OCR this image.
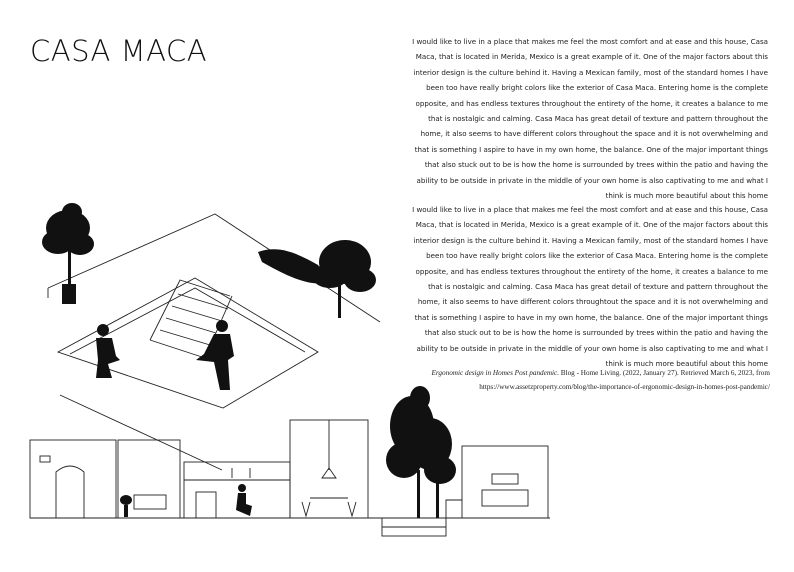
CASA MACA	I would like to live in a place that makes me feel the most comfort and at ease and this house, Casa Maca, that is located in Merida, Mexico is a great example of it. One of the major factors about this interior design is the culture behind it. Having a Mexican family, most of the standard homes I have been too have really bright colors like the exterior of Casa Maca. Entering home is the complete opposite, and has endless textures throughout the entirety of the home, it creates a balance to me that is nostalgic and calming. Casa Maca has great detail of texture and pattern throughout the home, it also seems to have different colors throughout the space and it is not overwhelming and that is something I aspire to have in my own home, the balance. One of the major important things that also stuck out to be is how the home is surrounded by trees within the patio and having the ability to be outside in private in the middle of your own home is also captivating to me and what I think is much more beautiful about this home

I would like to live in a place that makes me feel the most comfort and at ease and this house, Casa Maca, that is located in Merida, Mexico is a great example of it. One of the major factors about this interior design is the culture behind it. Having a Mexican family, most of the standard homes I have been too have really bright colors like the exterior of Casa Maca. Entering home is the complete opposite, and has endless textures throughout the entirety of the home, it creates a balance to me that is nostalgic and calming. Casa Maca has great detail of texture and pattern throughout the home, it also seems to have different colors throughtout the space and it is not overwhelming and that is something I aspire to have in my own home, the balance. One of the major important things that also stuck out to be is how the home is surrounded by trees within the patio and having the ability to be outside in private in the middle of your own home is also captivating to me and what I think is much more beautiful about this home

Ergonomic design in Homes Post pandemic. Blog - Home Living. (2022, January 27). Retrieved March 6, 2023, from https://www.assetzproperty.com/blog/the-importance-of-ergonomic-design-in-homes-post-pandemic/
